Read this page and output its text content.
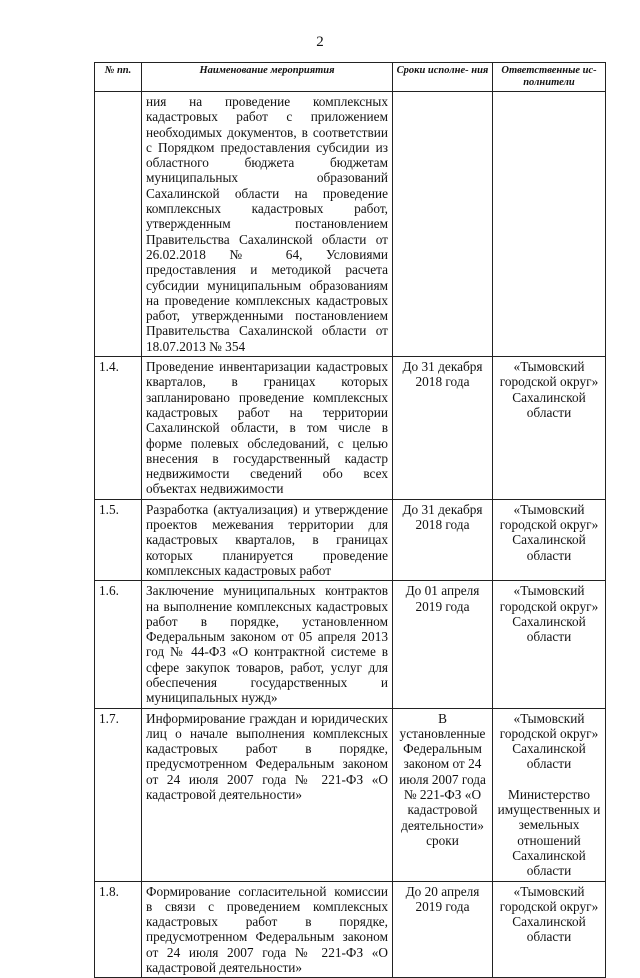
2
№ пп.	Наименование мероприятия	Сроки исполне- ния	Ответственные ис- полнители
	ния на проведение комплексных кадастровых работ с приложением необходимых документов, в соответствии с Порядком предоставления субсидии из областного бюджета бюджетам муниципальных образований Сахалинской области на проведение комплексных кадастровых работ, утвержденным постановлением Правительства Сахалинской области от 26.02.2018 № 64, Условиями предоставления и методикой расчета субсидии муниципальным образованиям на проведение комплексных кадастровых работ, утвержденными постановлением Правительства Сахалинской области от 18.07.2013 № 354		
1.4.	Проведение инвентаризации кадастровых кварталов, в границах которых запланировано проведение комплексных кадастровых работ на территории Сахалинской области, в том числе в форме полевых обследований, с целью внесения в государственный кадастр недвижимости сведений обо всех объектах недвижимости	До 31 декабря 2018 года	«Тымовский городской округ» Сахалинской области

1.5.	Разработка (актуализация) и утверждение проектов межевания территории для кадастровых кварталов, в границах которых планируется проведение комплексных кадастровых работ	До 31 декабря 2018 года	«Тымовский городской округ» Сахалинской области

1.6.	Заключение муниципальных контрактов на выполнение комплексных кадастровых работ в порядке, установленном Федеральным законом от 05 апреля 2013 год № 44-ФЗ «О контрактной системе в сфере закупок товаров, работ, услуг для обеспечения государственных и муниципальных нужд»	До 01 апреля 2019 года	«Тымовский городской округ» Сахалинской области

1.7.	Информирование граждан и юридических лиц о начале выполнения комплексных кадастровых работ в порядке, предусмотренном Федеральным законом от 24 июля 2007 года № 221-ФЗ «О кадастровой деятельности»	В установленные Федеральным законом от 24 июля 2007 года № 221-ФЗ «О кадастровой деятельности» сроки	«Тымовский городской округ» Сахалинской области
Министерство имущественных и земельных отношений Сахалинской области

1.8.	Формирование согласительной комиссии в связи с проведением комплексных кадастровых работ в порядке, предусмотренном Федеральным законом от 24 июля 2007 года № 221-ФЗ «О кадастровой деятельности»	До 20 апреля 2019 года	«Тымовский городской округ» Сахалинской области
